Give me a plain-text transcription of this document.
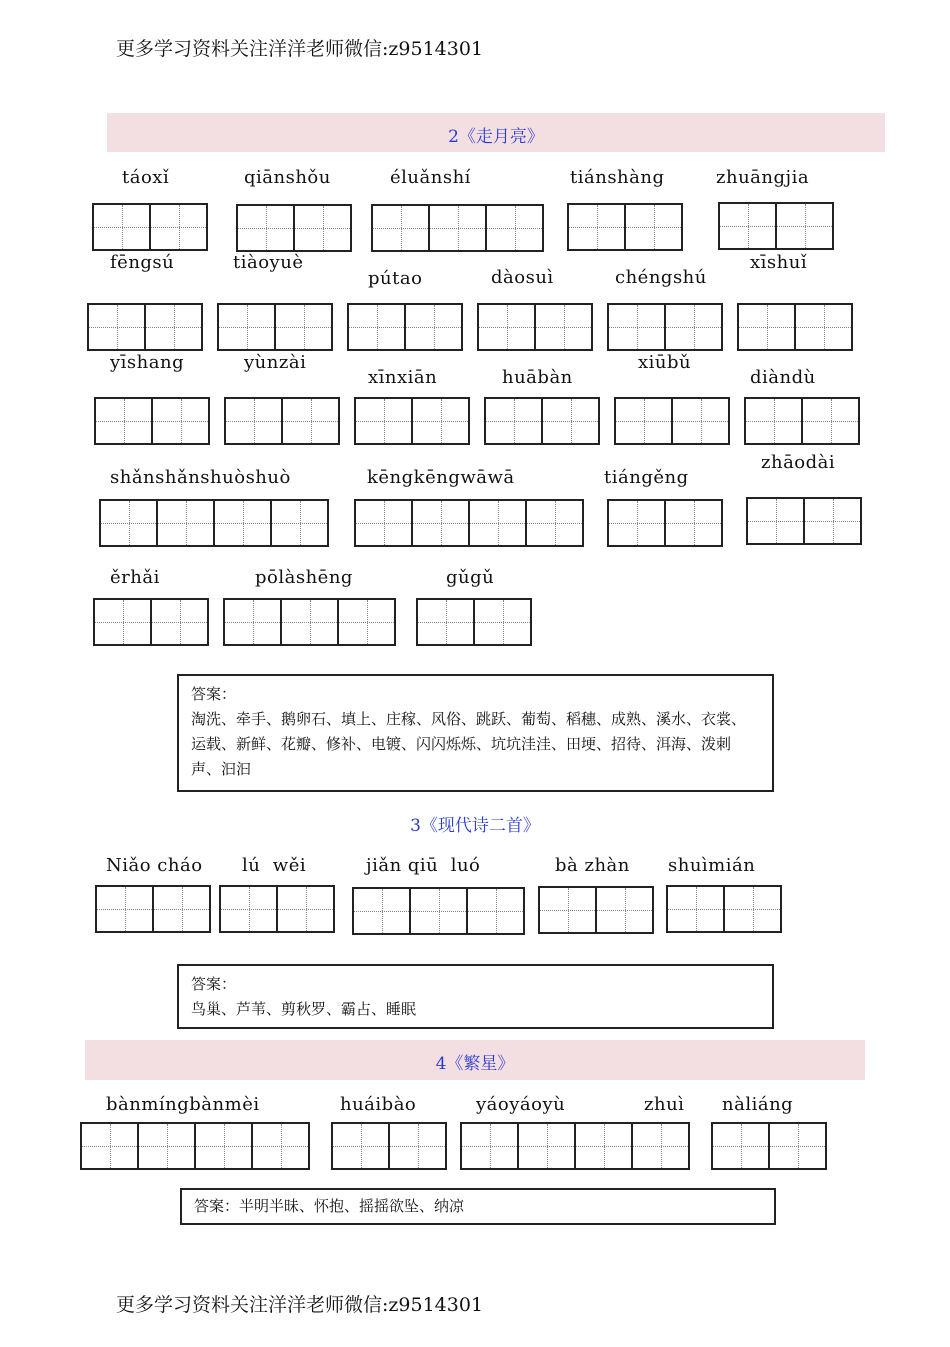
更多学习资料关注洋洋老师微信:z9514301
2《走月亮》
táoxǐ	qiānshǒu	éluǎnshí	tiánshàng	zhuāngjia
fēngsú	tiàoyuè
pútao	dàosuì	chéngshú
xīshuǐ
yīshang	yùnzài
xīnxiān	huābàn
xiūbǔ
diàndù
shǎnshǎnshuòshuò	kēngkēngwāwā	tiángěng
zhāodài
ěrhǎi	pōlàshēng	gǔgǔ
答案：
淘洗、牵手、鹅卵石、填上、庄稼、风俗、跳跃、葡萄、稻穗、成熟、溪水、衣裳、运载、新鲜、花瓣、修补、电镀、闪闪烁烁、坑坑洼洼、田埂、招待、洱海、泼刺声、汩汩
3《现代诗二首》
Niǎo cháo lú  wěi	jiǎn qiū  luó	bà zhàn shuìmián
答案：
鸟巢、芦苇、剪秋罗、霸占、睡眠
4《繁星》
bànmíngbànmèi	huáibào	yáoyáoyù	zhuì nàliáng
答案：半明半昧、怀抱、摇摇欲坠、纳凉
更多学习资料关注洋洋老师微信:z9514301
